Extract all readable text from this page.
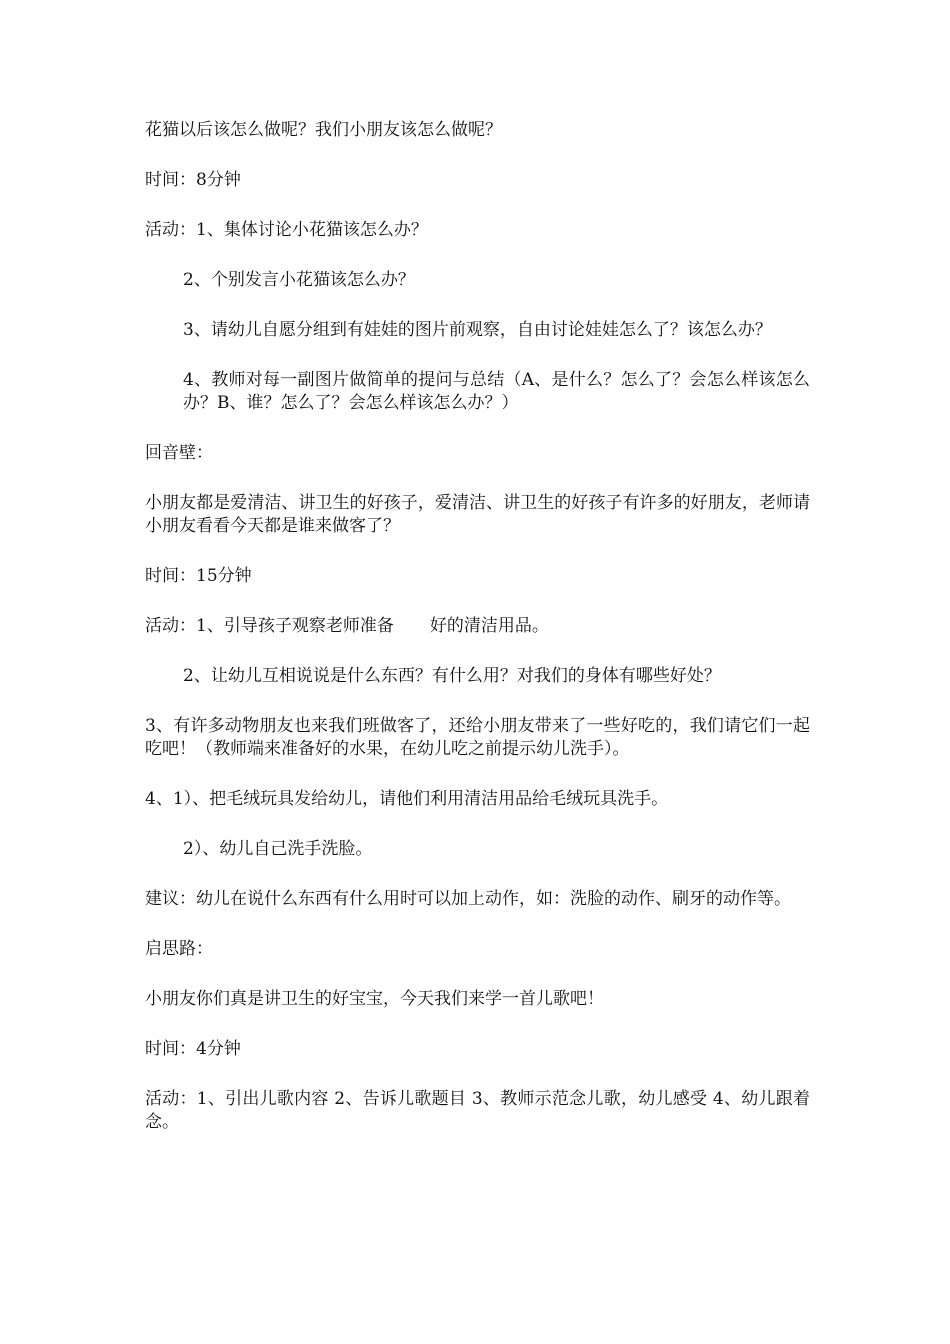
花猫以后该怎么做呢？我们小朋友该怎么做呢？

时间：8分钟

活动：1、集体讨论小花猫该怎么办？

2、个别发言小花猫该怎么办？

3、请幼儿自愿分组到有娃娃的图片前观察，自由讨论娃娃怎么了？该怎么办？

4、教师对每一副图片做简单的提问与总结（A、是什么？怎么了？会怎么样该怎么办？B、谁？怎么了？会怎么样该怎么办？）

回音壁：

小朋友都是爱清洁、讲卫生的好孩子，爱清洁、讲卫生的好孩子有许多的好朋友，老师请小朋友看看今天都是谁来做客了？

时间：15分钟

活动：1、引导孩子观察老师准备 好的清洁用品。

2、让幼儿互相说说是什么东西？有什么用？对我们的身体有哪些好处？

3、有许多动物朋友也来我们班做客了，还给小朋友带来了一些好吃的，我们请它们一起吃吧！（教师端来准备好的水果，在幼儿吃之前提示幼儿洗手）。

4、1）、把毛绒玩具发给幼儿，请他们利用清洁用品给毛绒玩具洗手。

2）、幼儿自己洗手洗脸。

建议：幼儿在说什么东西有什么用时可以加上动作，如：洗脸的动作、刷牙的动作等。

启思路：

小朋友你们真是讲卫生的好宝宝，今天我们来学一首儿歌吧！

时间：4分钟

活动：1、引出儿歌内容 2、告诉儿歌题目 3、教师示范念儿歌，幼儿感受 4、幼儿跟着念。
